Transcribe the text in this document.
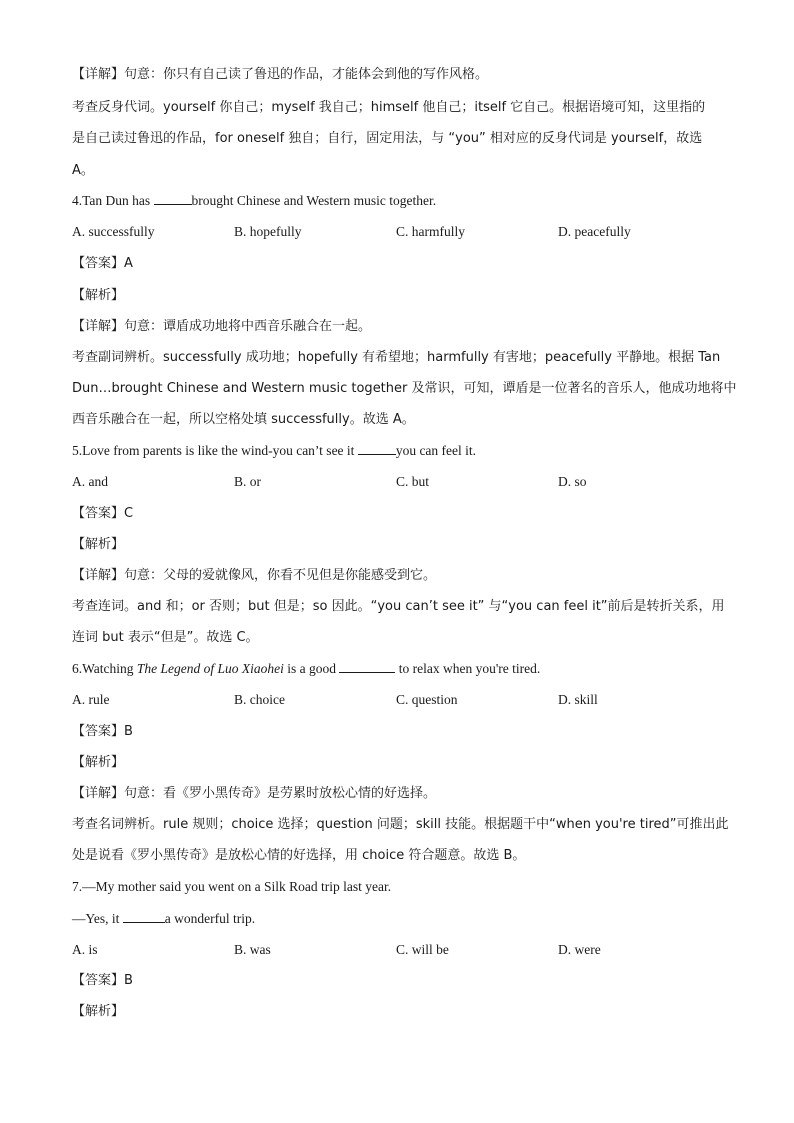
【详解】句意：你只有自己读了鲁迅的作品，才能体会到他的写作风格。
考查反身代词。yourself 你自己；myself 我自己；himself 他自己；itself 它自己。根据语境可知，这里指的
是自己读过鲁迅的作品，for oneself 独自；自行，固定用法，与 “you” 相对应的反身代词是 yourself，故选
A。
4.Tan Dun has	brought Chinese and Western music together.
A. successfully	B. hopefully	C. harmfully	D. peacefully
【答案】A
【解析】
【详解】句意：谭盾成功地将中西音乐融合在一起。
考查副词辨析。successfully 成功地；hopefully 有希望地；harmfully 有害地；peacefully 平静地。根据 Tan
Dun…brought Chinese and Western music together 及常识，可知，谭盾是一位著名的音乐人，他成功地将中
西音乐融合在一起，所以空格处填 successfully。故选 A。
5.Love from parents is like the wind-you can’t see it	you can feel it.
A. and	B. or	C. but	D. so
【答案】C
【解析】
【详解】句意：父母的爱就像风，你看不见但是你能感受到它。
考查连词。and 和；or 否则；but 但是；so 因此。“you can’t see it” 与“you can feel it”前后是转折关系，用
连词 but 表示“但是”。故选 C。
6.Watching The Legend of Luo Xiaohei is a good	to relax when you're tired.
A. rule	B. choice	C. question	D. skill
【答案】B
【解析】
【详解】句意：看《罗小黑传奇》是劳累时放松心情的好选择。
考查名词辨析。rule 规则；choice 选择；question 问题；skill 技能。根据题干中“when you're tired”可推出此
处是说看《罗小黑传奇》是放松心情的好选择，用 choice 符合题意。故选 B。
7.—My mother said you went on a Silk Road trip last year.
—Yes, it	a wonderful trip.
A. is	B. was	C. will be	D. were
【答案】B
【解析】
